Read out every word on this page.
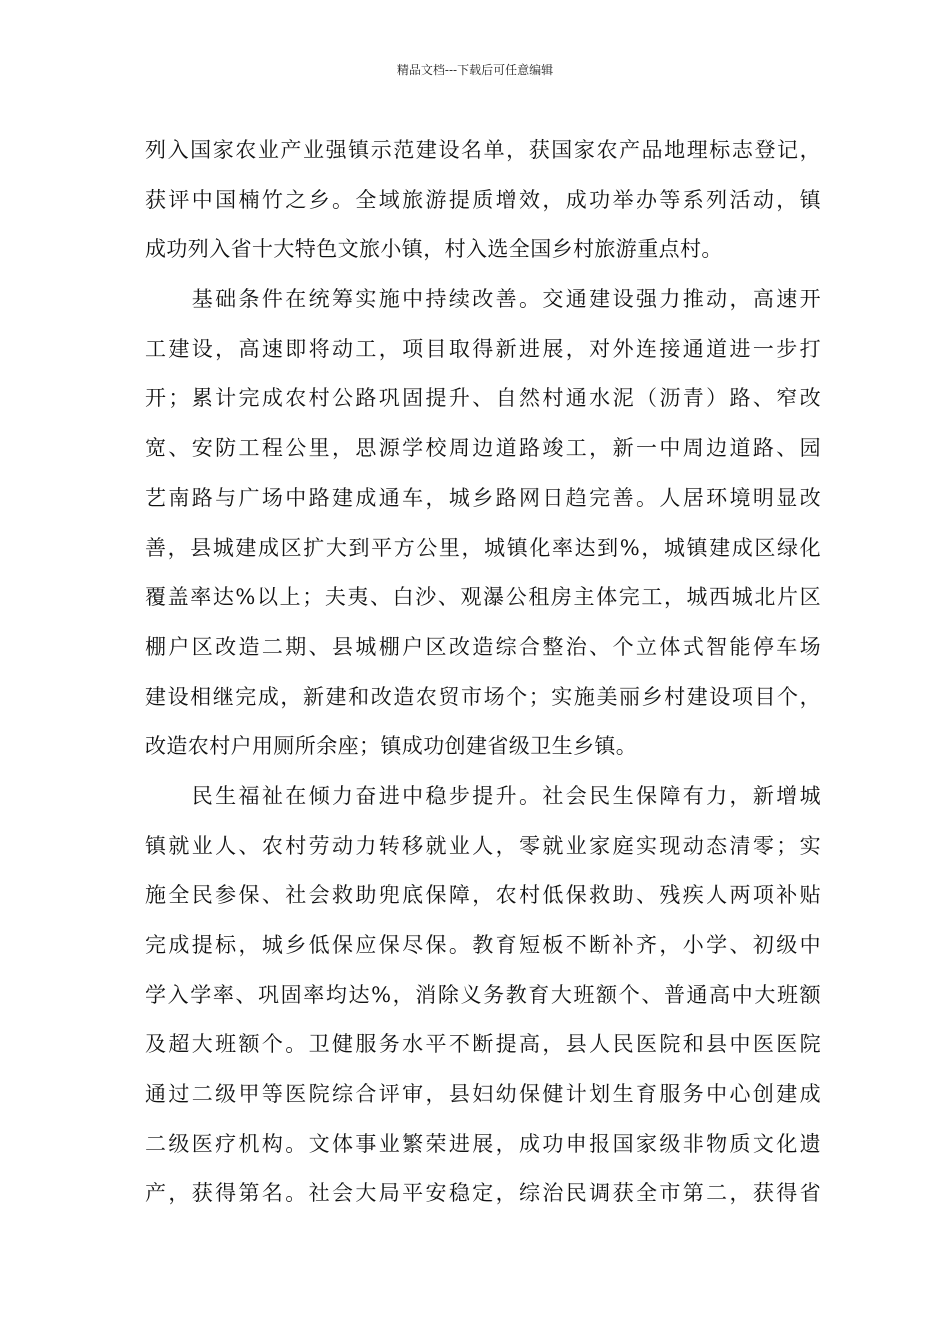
精品文档---下载后可任意编辑
列入国家农业产业强镇示范建设名单，获国家农产品地理标志登记，
获评中国楠竹之乡。全域旅游提质增效，成功举办等系列活动，镇
成功列入省十大特色文旅小镇，村入选全国乡村旅游重点村。
　　基础条件在统筹实施中持续改善。交通建设强力推动，高速开
工建设，高速即将动工，项目取得新进展，对外连接通道进一步打
开；累计完成农村公路巩固提升、自然村通水泥（沥青）路、窄改
宽、安防工程公里，思源学校周边道路竣工，新一中周边道路、园
艺南路与广场中路建成通车，城乡路网日趋完善。人居环境明显改
善，县城建成区扩大到平方公里，城镇化率达到%，城镇建成区绿化
覆盖率达%以上；夫夷、白沙、观瀑公租房主体完工，城西城北片区
棚户区改造二期、县城棚户区改造综合整治、个立体式智能停车场
建设相继完成，新建和改造农贸市场个；实施美丽乡村建设项目个，
改造农村户用厕所余座；镇成功创建省级卫生乡镇。
　　民生福祉在倾力奋进中稳步提升。社会民生保障有力，新增城
镇就业人、农村劳动力转移就业人，零就业家庭实现动态清零；实
施全民参保、社会救助兜底保障，农村低保救助、残疾人两项补贴
完成提标，城乡低保应保尽保。教育短板不断补齐，小学、初级中
学入学率、巩固率均达%，消除义务教育大班额个、普通高中大班额
及超大班额个。卫健服务水平不断提高，县人民医院和县中医医院
通过二级甲等医院综合评审，县妇幼保健计划生育服务中心创建成
二级医疗机构。文体事业繁荣进展，成功申报国家级非物质文化遗
产，获得第名。社会大局平安稳定，综治民调获全市第二，获得省
